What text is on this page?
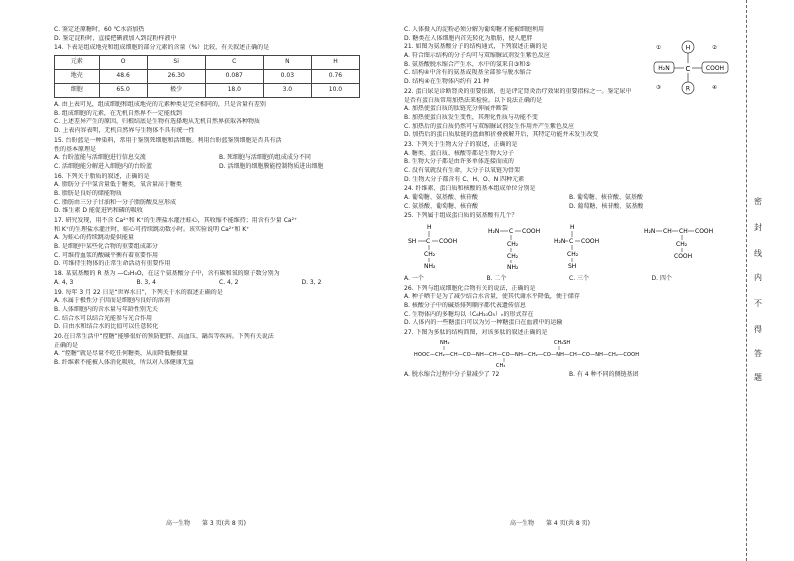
C. 鉴定还原糖时，60 ℃水浴加热
D. 鉴定淀粉时，直接把碘液加入到淀粉样液中
14. 下表是组成地壳和组成细胞的部分元素的含量（%）比较，有关叙述正确的是
元素	O	Si	C	N	H
地壳	48.6	26.30	0.087	0.03	0.76
细胞	65.0	极少	18.0	3.0	10.0
A. 由上表可见，组成细胞和组成地壳的元素种类是完全相同的，只是含量有差别
B. 组成细胞的元素，在无机自然界不一定能找到
C. 上述差异产生的原因，归根结底是生物有选择地从无机自然界获取各种物质
D. 上表内容表明，无机自然界与生物体不具有统一性
15. 台盼蓝是一种染料，常用于鉴别死细胞和活细胞。利用台盼蓝鉴别细胞是否具有活
性的基本原理是
A. 台盼蓝能与活细胞进行信息交流	B. 死细胞与活细胞的组成成分不同
C. 活细胞能分解进入细胞内的台盼蓝	D. 活细胞的细胞膜能控制物质进出细胞
16. 下列关于脂质的叙述，正确的是
A. 脂肪分子中氢含量低于糖类，氧含量高于糖类
B. 脂肪是良好的储能物质
C. 脂肪由三分子甘油和一分子脂肪酸反应形成
D. 维生素 D 能促进钙和磷的吸收
17. 研究发现，用不含 Ca²⁺和 K⁺的生理盐水灌注蛙心，其收缩不能维持；用含有少量 Ca²⁺
和 K⁺的生理盐水灌注时，蛙心可持续跳动数小时。该实验说明 Ca²⁺和 K⁺
A. 为蛙心的持续跳动提供能量
B. 是细胞中某些化合物的重要组成部分
C. 可维持血浆的酸碱平衡有着重要作用
D. 可维持生物体的正常生命活动有重要作用
18. 某氨基酸的 R 基为 —C₂H₅O，在这个氨基酸分子中，含有碳和氧的原子数分别为
A. 4, 3	B. 3, 4	C. 4, 2	D. 3, 2
19. 每年 3 月 22 日是“世界水日”，下列关于水的叙述正确的是
A. 水属于极性分子因而是细胞内良好的溶剂
B. 人体细胞内的含水量与年龄性别无关
C. 结合水可以结合光能参与光合作用
D. 自由水和结合水的比值可以任意转化
20.在日常生活中“控糖”能够很好的预防肥胖、高血压、龋齿等疾病。下列有关说法
正确的是
A. “控糖”就是尽量不吃任何糖类，从而降低糖摄量
B. 纤维素不能被人体消化吸收，所以对人体健康无益
C. 人体摄入的淀粉必须分解为葡萄糖才能被细胞利用
D. 糖类在人体细胞内首先转化为脂肪，使人肥胖
21. 如图为氨基酸分子的结构通式，下列叙述正确的是
A. 符合图示结构的分子均可与双缩脲试剂发生紫色反应
B. 氨基酸脱水缩合产生水，水中的氢来自③和⑤
C. 结构④中含有的氨基或羧基全部参与脱水缩合
D. 结构④在生物体内约有 21 种
H
C
H₂N	COOH
R
①	②
③	④
22. 蛋白尿是诊断肾炎的重要依据，也是评定肾炎治疗效果的重要指标之一。鉴定尿中
是否有蛋白质常用加热法来检验。以下说法正确的是
A. 加热使蛋白质的肽链充分伸展并断裂
B. 加热使蛋白质发生变性，其理化性质与功能不变
C. 加热后的蛋白质仍然可与双缩脲试剂发生作用并产生紫色反应
D. 加热后的蛋白质肽链的盘曲和折叠被解开后，其特定功能并未发生改变
23. 下列关于生物大分子的叙述，正确的是
A. 糖类、蛋白质、核酸等都是生物大分子
B. 生物大分子都是由许多单体连接而成的
C. 没有氧就没有生命，大分子以氧链为骨架
D. 生物大分子都含有 C、H、O、N 四种元素
24. 纤维素、蛋白质和核酸的基本组成单位分别是
A. 葡萄糖、氨基酸、核苷酸	B. 葡萄糖、核苷酸、氨基酸
C. 氨基酸、葡萄糖、核苷酸	D. 葡萄糖、核苷酸、氨基酸
25. 下列属于组成蛋白质的氨基酸有几个？
SH
H
C COOH
CH₂
NH₂
H₂N C COOH
CH₂
CH₂
NH₂
H
H₂N C COOH
CH₂
SH
H₂N CH CH COOH
CH₂
COOH
A. 一个	B. 二个	C. 三个	D. 四个
26. 下列与组成细胞化合物有关的说法，正确的是
A. 种子晒干是为了减少结合水含量，使其代谢水平降低，便于储存
B. 核酸分子中的碱基排列顺序都代表遗传信息
C. 生物体内的多糖均以（C₆H₁₀O₅）ₙ的形式存在
D. 人体内的一些糖蛋白可以为另一种糖蛋白在血液中的运输
27. 下图为多肽的结构简图，对该多肽的叙述正确的是
NH₂	CH₂SH
HOOC—CH₂—CH—CO—NH—CH—CO—NH—CH₂—CO—NH—CH—CO—NH—CH₂—COOH
CH₃
A. 脱水缩合过程中分子量减少了 72	B. 有 4 种不同的侧链基团
高一生物　　第 3 页(共 8 页)	高一生物　　第 4 页(共 8 页)
密
封
线
内
不
得
答
题
